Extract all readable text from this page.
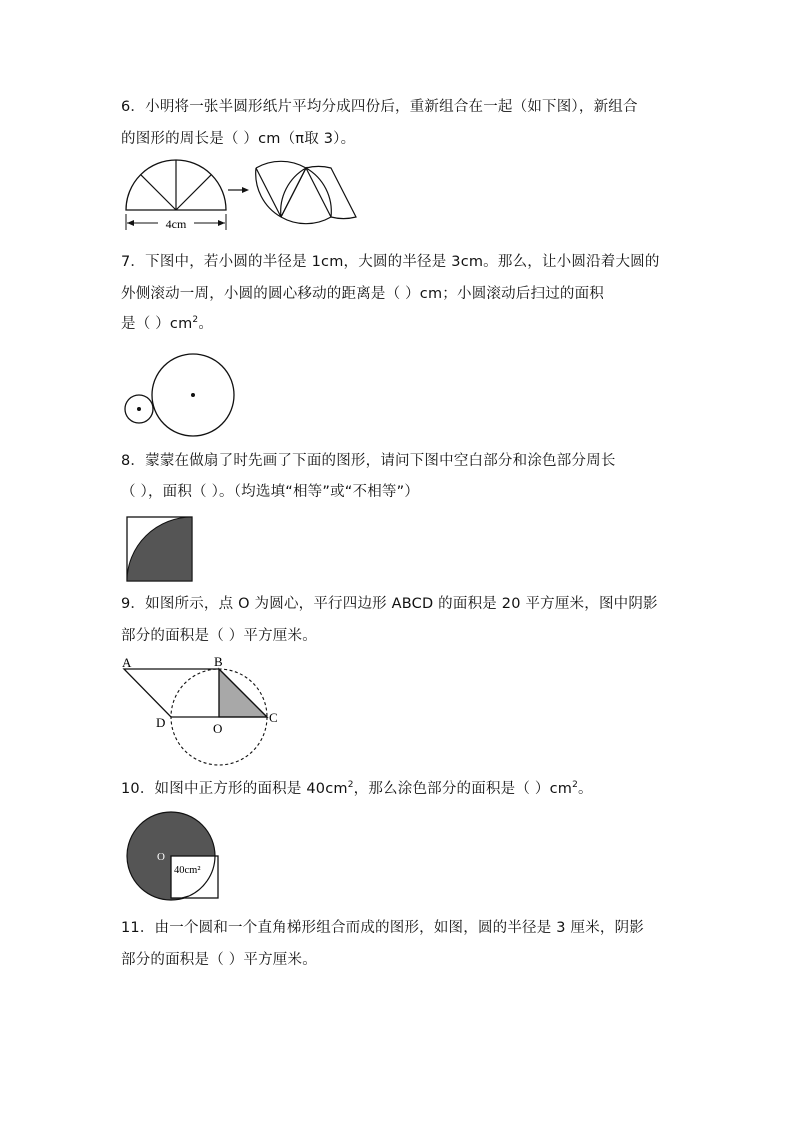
6．小明将一张半圆形纸片平均分成四份后，重新组合在一起（如下图），新组合
的图形的周长是（ ）cm（π取 3）。
4cm
7．下图中，若小圆的半径是 1cm，大圆的半径是 3cm。那么，让小圆沿着大圆的
外侧滚动一周，小圆的圆心移动的距离是（ ）cm；小圆滚动后扫过的面积
是（ ）$cm^2$。
8．蒙蒙在做扇了时先画了下面的图形，请问下图中空白部分和涂色部分周长
（ ），面积（ ）。（均选填“相等”或“不相等”）
9．如图所示，点 O 为圆心，平行四边形 ABCD 的面积是 20 平方厘米，图中阴影
部分的面积是（ ）平方厘米。
A	B
C
D	O
10．如图中正方形的面积是 $40cm^2$，那么涂色部分的面积是（ ）$cm^2$。
O
40cm²
11．由一个圆和一个直角梯形组合而成的图形，如图，圆的半径是 3 厘米，阴影
部分的面积是（ ）平方厘米。
